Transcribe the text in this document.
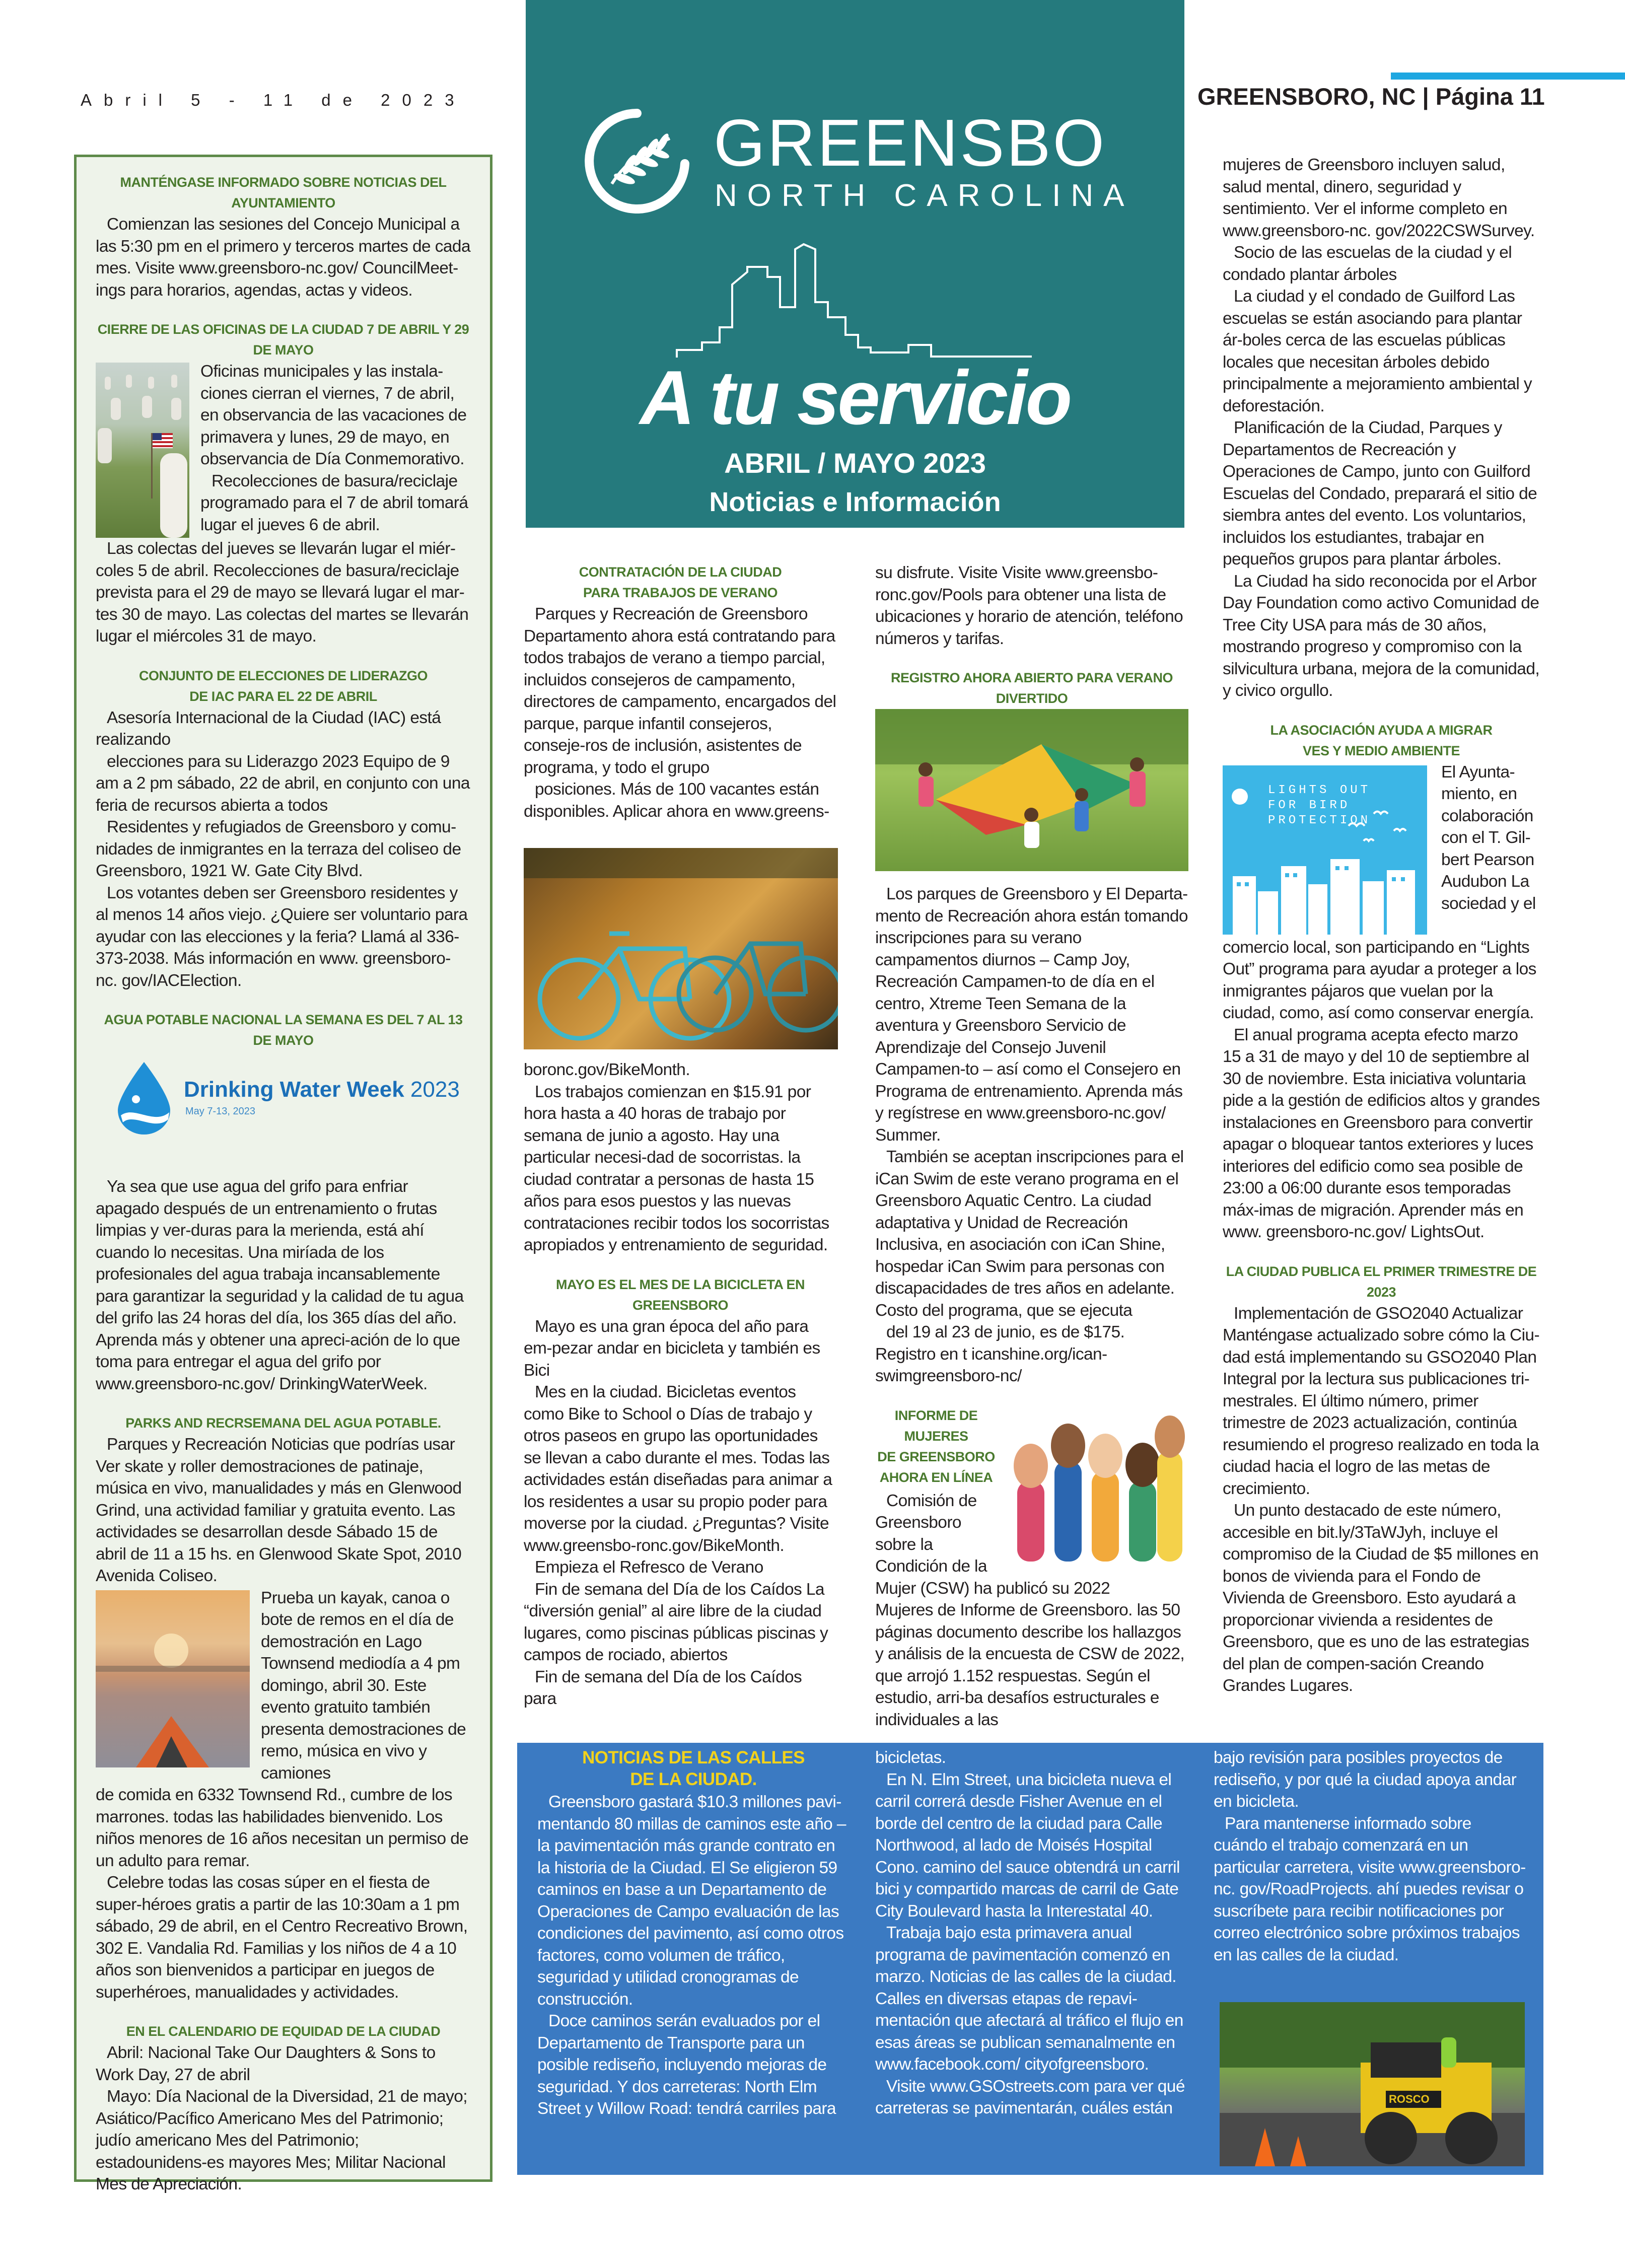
Abril 5 - 11 de 2023	GREENSBORO, NC | Página 11
GREENSBO
NORTH CAROLINA
A tu servicio
ABRIL / MAYO 2023
Noticias e Información

MANTÉNGASE INFORMADO SOBRE NOTICIAS DEL AYUNTAMIENTO

Comienzan las sesiones del Concejo Municipal a las 5:30 pm en el primero y terceros martes de cada mes. Visite www.greensboro-nc.gov/ CouncilMeet-ings para horarios, agendas, actas y videos.

CIERRE DE LAS OFICINAS DE LA CIUDAD 7 DE ABRIL Y 29 DE MAYO

Oficinas municipales y las instala-ciones cierran el viernes, 7 de abril, en observancia de las vacaciones de primavera y lunes, 29 de mayo, en observancia de Día Conmemorativo.

Recolecciones de basura/reciclaje programado para el 7 de abril tomará lugar el jueves 6 de abril.

Las colectas del jueves se llevarán lugar el miér-coles 5 de abril. Recolecciones de basura/reciclaje prevista para el 29 de mayo se llevará lugar el mar-tes 30 de mayo. Las colectas del martes se llevarán lugar el miércoles 31 de mayo.

CONJUNTO DE ELECCIONES DE LIDERAZGO

DE IAC PARA EL 22 DE ABRIL

Asesoría Internacional de la Ciudad (IAC) está realizando

elecciones para su Liderazgo 2023 Equipo de 9 am a 2 pm sábado, 22 de abril, en conjunto con una feria de recursos abierta a todos

Residentes y refugiados de Greensboro y comu-nidades de inmigrantes en la terraza del coliseo de Greensboro, 1921 W. Gate City Blvd.

Los votantes deben ser Greensboro residentes y al menos 14 años viejo. ¿Quiere ser voluntario para ayudar con las elecciones y la feria? Llamá al 336-373-2038. Más información en www. greensboro-nc. gov/IACElection.

AGUA POTABLE NACIONAL LA SEMANA ES DEL 7 AL 13 DE MAYO

Drinking Water Week 2023
May 7-13, 2023

Ya sea que use agua del grifo para enfriar apagado después de un entrenamiento o frutas limpias y ver-duras para la merienda, está ahí cuando lo necesitas. Una miríada de los profesionales del agua trabaja incansablemente para garantizar la seguridad y la calidad de tu agua del grifo las 24 horas del día, los 365 días del año. Aprenda más y obtener una apreci-ación de lo que toma para entregar el agua del grifo por www.greensboro-nc.gov/ DrinkingWaterWeek.

PARKS AND RECRSEMANA DEL AGUA POTABLE.

Parques y Recreación Noticias que podrías usar Ver skate y roller demostraciones de patinaje, música en vivo, manualidades y más en Glenwood Grind, una actividad familiar y gratuita evento. Las actividades se desarrollan desde Sábado 15 de abril de 11 a 15 hs. en Glenwood Skate Spot, 2010 Avenida Coliseo.

Prueba un kayak, canoa o bote de remos en el día de demostración en Lago Townsend mediodía a 4 pm domingo, abril 30. Este evento gratuito también presenta demostraciones de remo, música en vivo y camiones

de comida en 6332 Townsend Rd., cumbre de los marrones. todas las habilidades bienvenido. Los niños menores de 16 años necesitan un permiso de un adulto para remar.

Celebre todas las cosas súper en el fiesta de super-héroes gratis a partir de las 10:30am a 1 pm sábado, 29 de abril, en el Centro Recreativo Brown, 302 E. Vandalia Rd. Familias y los niños de 4 a 10 años son bienvenidos a participar en juegos de superhéroes, manualidades y actividades.

EN EL CALENDARIO DE EQUIDAD DE LA CIUDAD

Abril: Nacional Take Our Daughters & Sons to Work Day, 27 de abril

Mayo: Día Nacional de la Diversidad, 21 de mayo; Asiático/Pacífico Americano Mes del Patrimonio; judío americano Mes del Patrimonio; estadounidens-es mayores Mes; Militar Nacional Mes de Apreciación.

CONTRATACIÓN DE LA CIUDAD

PARA TRABAJOS DE VERANO

Parques y Recreación de Greensboro Departamento ahora está contratando para todos trabajos de verano a tiempo parcial, incluidos consejeros de campamento, directores de campamento, encargados del parque, parque infantil consejeros, conseje-ros de inclusión, asistentes de programa, y todo el grupo

posiciones. Más de 100 vacantes están disponibles. Aplicar ahora en www.greens-

boronc.gov/BikeMonth.

Los trabajos comienzan en $15.91 por hora hasta a 40 horas de trabajo por semana de junio a agosto. Hay una particular necesi-dad de socorristas. la ciudad contratar a personas de hasta 15 años para esos puestos y las nuevas contrataciones recibir todos los socorristas apropiados y entrenamiento de seguridad.

MAYO ES EL MES DE LA BICICLETA EN GREENSBORO

Mayo es una gran época del año para em-pezar andar en bicicleta y también es Bici

Mes en la ciudad. Bicicletas eventos como Bike to School o Días de trabajo y otros paseos en grupo las oportunidades se llevan a cabo durante el mes. Todas las actividades están diseñadas para animar a los residentes a usar su propio poder para moverse por la ciudad. ¿Preguntas? Visite www.greensbo-ronc.gov/BikeMonth.

Empieza el Refresco de Verano

Fin de semana del Día de los Caídos La “diversión genial” al aire libre de la ciudad lugares, como piscinas públicas piscinas y campos de rociado, abiertos

Fin de semana del Día de los Caídos para

su disfrute. Visite Visite www.greensbo-ronc.gov/Pools para obtener una lista de ubicaciones y horario de atención, teléfono números y tarifas.

REGISTRO AHORA ABIERTO PARA VERANO DIVERTIDO

Los parques de Greensboro y El Departa-mento de Recreación ahora están tomando inscripciones para su verano campamentos diurnos – Camp Joy, Recreación Campamen-to de día en el centro, Xtreme Teen Semana de la aventura y Greensboro Servicio de Aprendizaje del Consejo Juvenil Campamen-to – así como el Consejero en Programa de entrenamiento. Aprenda más y regístrese en www.greensboro-nc.gov/ Summer.

También se aceptan inscripciones para el iCan Swim de este verano programa en el Greensboro Aquatic Centro. La ciudad adaptativa y Unidad de Recreación Inclusiva, en asociación con iCan Shine, hospedar iCan Swim para personas con discapacidades de tres años en adelante. Costo del programa, que se ejecuta

del 19 al 23 de junio, es de $175. Registro en t icanshine.org/ican-swimgreensboro-nc/

INFORME DE MUJERES

DE GREENSBORO

AHORA EN LÍNEA

Comisión de Greensboro sobre la Condición de la Mujer (CSW) ha publicó su 2022

Mujeres de Informe de Greensboro. las 50 páginas documento describe los hallazgos y análisis de la encuesta de CSW de 2022, que arrojó 1.152 respuestas. Según el estudio, arri-ba desafíos estructurales e individuales a las

mujeres de Greensboro incluyen salud, salud mental, dinero, seguridad y sentimiento. Ver el informe completo en www.greensboro-nc. gov/2022CSWSurvey.

Socio de las escuelas de la ciudad y el condado plantar árboles

La ciudad y el condado de Guilford Las escuelas se están asociando para plantar ár-boles cerca de las escuelas públicas locales que necesitan árboles debido principalmente a mejoramiento ambiental y deforestación.

Planificación de la Ciudad, Parques y Departamentos de Recreación y Operaciones de Campo, junto con Guilford Escuelas del Condado, preparará el sitio de siembra antes del evento. Los voluntarios, incluidos los estudiantes, trabajar en pequeños grupos para plantar árboles.

La Ciudad ha sido reconocida por el Arbor Day Foundation como activo Comunidad de Tree City USA para más de 30 años, mostrando progreso y compromiso con la silvicultura urbana, mejora de la comunidad, y civico orgullo.

LA ASOCIACIÓN AYUDA A MIGRAR

VES Y MEDIO AMBIENTE

LIGHTS OUT
FOR BIRD
PROTECTION

El Ayunta-miento, en colaboración con el T. Gil-bert Pearson Audubon La sociedad y el

comercio local, son participando en “Lights Out” programa para ayudar a proteger a los inmigrantes pájaros que vuelan por la ciudad, como, así como conservar energía.

El anual programa acepta efecto marzo 15 a 31 de mayo y del 10 de septiembre al 30 de noviembre. Esta iniciativa voluntaria pide a la gestión de edificios altos y grandes instalaciones en Greensboro para convertir apagar o bloquear tantos exteriores y luces interiores del edificio como sea posible de 23:00 a 06:00 durante esos temporadas máx-imas de migración. Aprender más en www. greensboro-nc.gov/ LightsOut.

LA CIUDAD PUBLICA EL PRIMER TRIMESTRE DE 2023

Implementación de GSO2040 Actualizar Manténgase actualizado sobre cómo la Ciu-dad está implementando su GSO2040 Plan Integral por la lectura sus publicaciones tri-mestrales. El último número, primer trimestre de 2023 actualización, continúa resumiendo el progreso realizado en toda la ciudad hacia el logro de las metas de crecimiento.

Un punto destacado de este número, accesible en bit.ly/3TaWJyh, incluye el compromiso de la Ciudad de $5 millones en bonos de vivienda para el Fondo de Vivienda de Greensboro. Esto ayudará a proporcionar vivienda a residentes de Greensboro, que es uno de las estrategias del plan de compen-sación Creando Grandes Lugares.

NOTICIAS DE LAS CALLES

DE LA CIUDAD.

Greensboro gastará $10.3 millones pavi-mentando 80 millas de caminos este año – la pavimentación más grande contrato en la historia de la Ciudad. El Se eligieron 59 caminos en base a un Departamento de Operaciones de Campo evaluación de las condiciones del pavimento, así como otros factores, como volumen de tráfico, seguridad y utilidad cronogramas de construcción.

Doce caminos serán evaluados por el Departamento de Transporte para un posible rediseño, incluyendo mejoras de seguridad. Y dos carreteras: North Elm Street y Willow Road: tendrá carriles para

bicicletas.

En N. Elm Street, una bicicleta nueva el carril correrá desde Fisher Avenue en el borde del centro de la ciudad para Calle Northwood, al lado de Moisés Hospital Cono. camino del sauce obtendrá un carril bici y compartido marcas de carril de Gate City Boulevard hasta la Interestatal 40.

Trabaja bajo esta primavera anual programa de pavimentación comenzó en marzo. Noticias de las calles de la ciudad. Calles en diversas etapas de repavi-mentación que afectará al tráfico el flujo en esas áreas se publican semanalmente en www.facebook.com/ cityofgreensboro.

Visite www.GSOstreets.com para ver qué carreteras se pavimentarán, cuáles están

bajo revisión para posibles proyectos de rediseño, y por qué la ciudad apoya andar en bicicleta.

Para mantenerse informado sobre cuándo el trabajo comenzará en un particular carretera, visite www.greensboro-nc. gov/RoadProjects. ahí puedes revisar o suscríbete para recibir notificaciones por correo electrónico sobre próximos trabajos en las calles de la ciudad.

ROSCO
